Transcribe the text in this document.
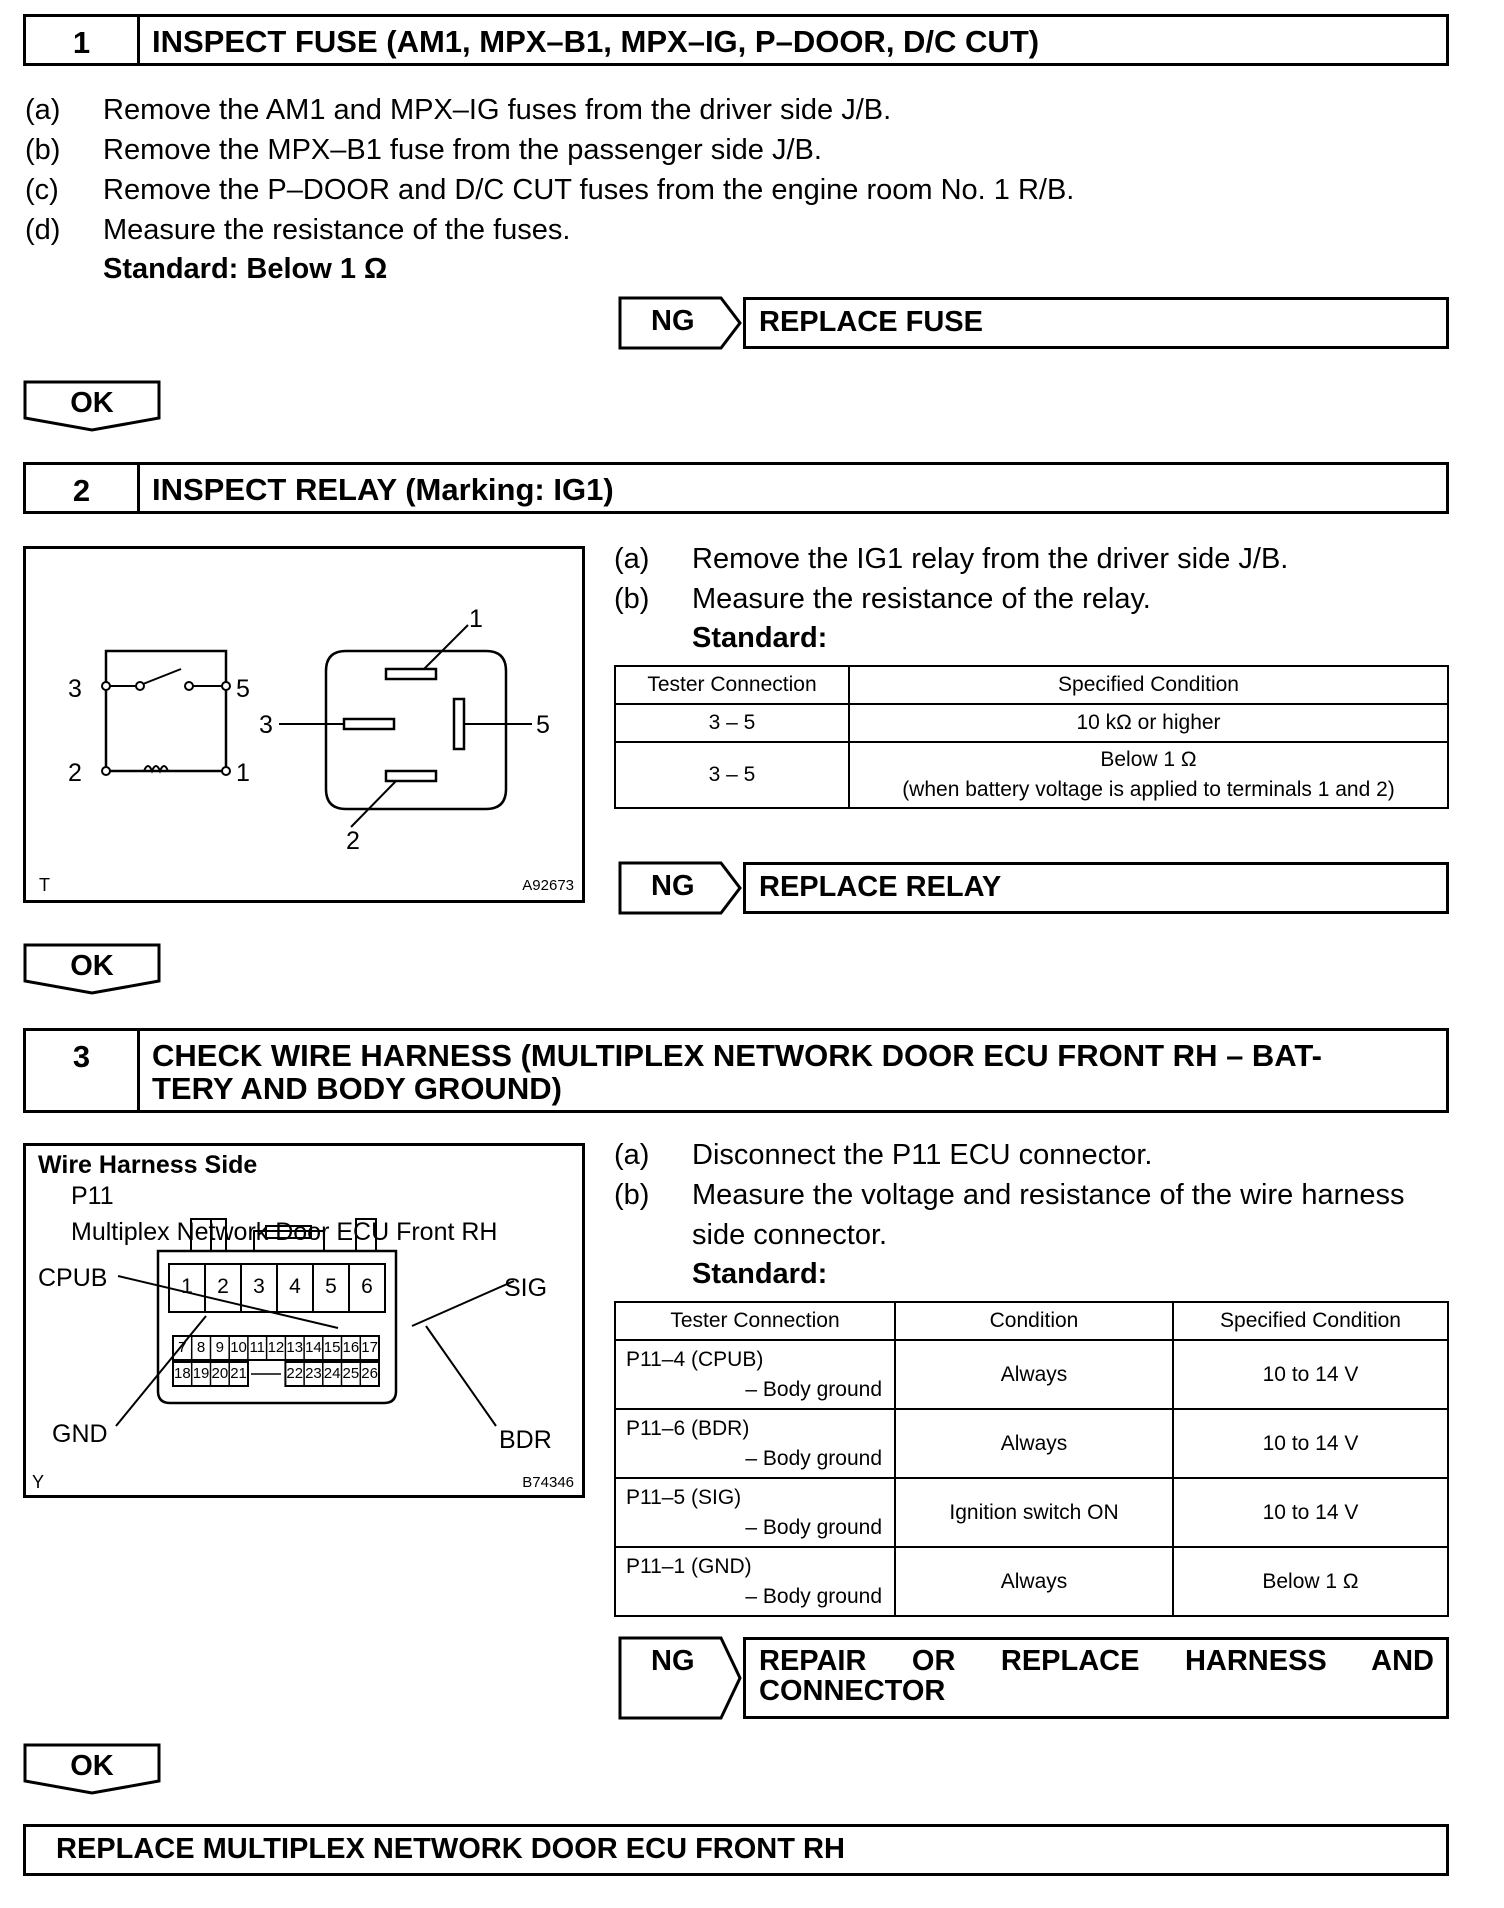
1	INSPECT FUSE (AM1, MPX–B1, MPX–IG, P–DOOR, D/C CUT)
(a) Remove the AM1 and MPX–IG fuses from the driver side J/B.
(b) Remove the MPX–B1 fuse from the passenger side J/B.
(c) Remove the P–DOOR and D/C CUT fuses from the engine room No. 1 R/B.
(d) Measure the resistance of the fuses.
Standard: Below 1 Ω
NG	REPLACE FUSE
OK
2	INSPECT RELAY (Marking: IG1)
3	5
2	1
1
3	5
2
T	A92673
(a) Remove the IG1 relay from the driver side J/B.
(b) Measure the resistance of the relay.
Standard:
Tester Connection	Specified Condition
3 – 5	10 kΩ or higher
3 – 5	Below 1 Ω
(when battery voltage is applied to terminals 1 and 2)
NG	REPLACE RELAY
OK
3	CHECK WIRE HARNESS (MULTIPLEX NETWORK DOOR ECU FRONT RH – BAT-
TERY AND BODY GROUND)
Wire Harness Side
P11
Multiplex Network Door ECU Front RH
CPUB	SIG
GND	BDR
1	2	3	4	5	6
7 8 9 10 11 12 13 14 15 16 17
18 19 20 21	22 23 24 25 26
Y	B74346
(a) Disconnect the P11 ECU connector.
(b) Measure the voltage and resistance of the wire harness
side connector.
Standard:
Tester Connection	Condition	Specified Condition
P11–4 (CPUB)
– Body ground	Always	10 to 14 V
P11–6 (BDR)
– Body ground	Always	10 to 14 V
P11–5 (SIG)
– Body ground	Ignition switch ON	10 to 14 V
P11–1 (GND)
– Body ground	Always	Below 1 Ω
NG REPAIR OR REPLACE HARNESS AND
CONNECTOR
OK
REPLACE MULTIPLEX NETWORK DOOR ECU FRONT RH
